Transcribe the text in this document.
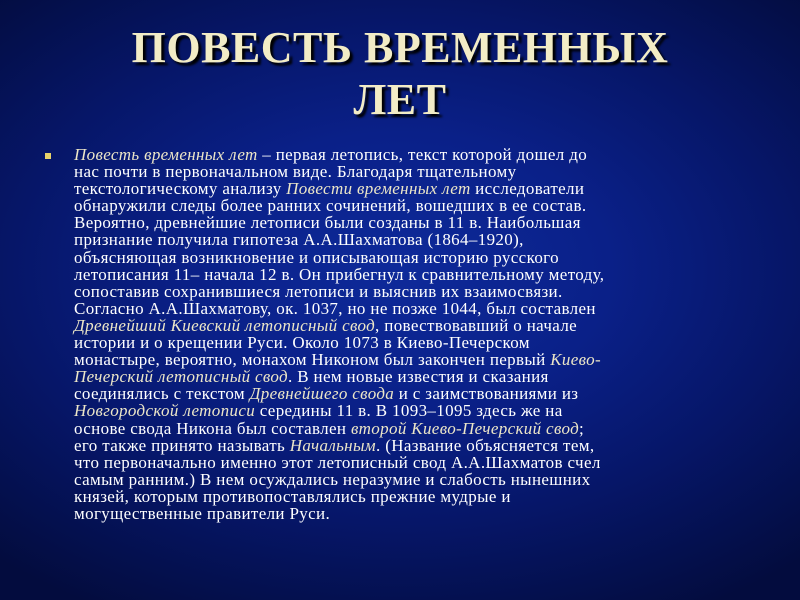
ПОВЕСТЬ ВРЕМЕННЫХ
ЛЕТ

Повесть временных лет – первая летопись, текст которой дошел до
нас почти в первоначальном виде. Благодаря тщательному
текстологическому анализу Повести временных лет исследователи
обнаружили следы более ранних сочинений, вошедших в ее состав.
Вероятно, древнейшие летописи были созданы в 11 в. Наибольшая
признание получила гипотеза А.А.Шахматова (1864–1920),
объясняющая возникновение и описывающая историю русского
летописания 11– начала 12 в. Он прибегнул к сравнительному методу,
сопоставив сохранившиеся летописи и выяснив их взаимосвязи.
Согласно А.А.Шахматову, ок. 1037, но не позже 1044, был составлен
Древнейший Киевский летописный свод, повествовавший о начале
истории и о крещении Руси. Около 1073 в Киево-Печерском
монастыре, вероятно, монахом Никоном был закончен первый Киево-
Печерский летописный свод. В нем новые известия и сказания
соединялись с текстом Древнейшего свода и с заимствованиями из
Новгородской летописи середины 11 в. В 1093–1095 здесь же на
основе свода Никона был составлен второй Киево-Печерский свод;
его также принято называть Начальным. (Название объясняется тем,
что первоначально именно этот летописный свод А.А.Шахматов счел
самым ранним.) В нем осуждались неразумие и слабость нынешних
князей, которым противопоставлялись прежние мудрые и
могущественные правители Руси.
